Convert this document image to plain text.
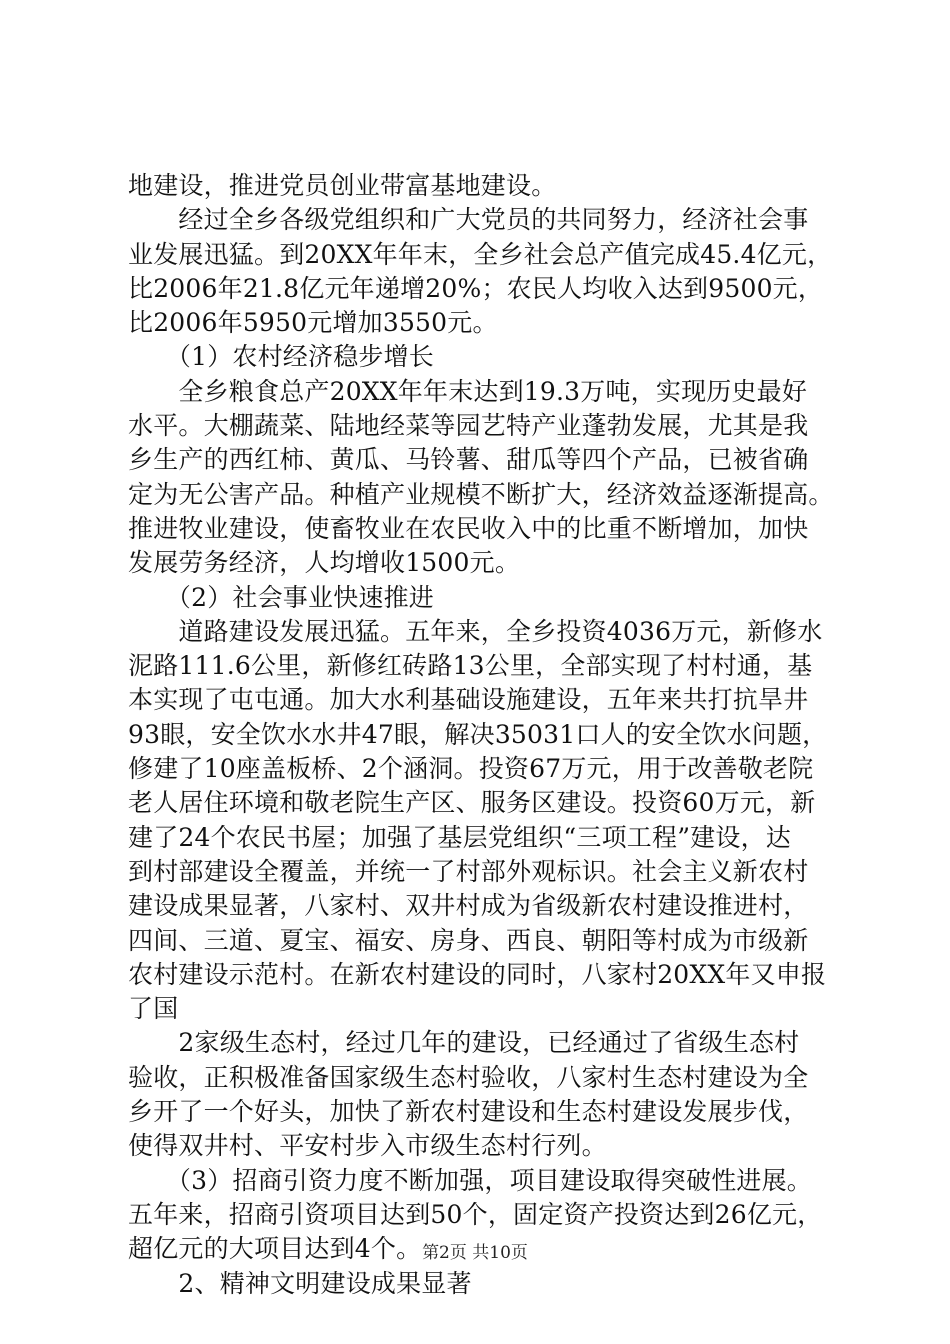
地建设，推进党员创业带富基地建设。
　　经过全乡各级党组织和广大党员的共同努力，经济社会事
业发展迅猛。到20XX年年末，全乡社会总产值完成45.4亿元，
比2006年21.8亿元年递增20%；农民人均收入达到9500元，
比2006年5950元增加3550元。
　　（1）农村经济稳步增长
　　全乡粮食总产20XX年年末达到19.3万吨，实现历史最好
水平。大棚蔬菜、陆地经菜等园艺特产业蓬勃发展，尤其是我
乡生产的西红柿、黄瓜、马铃薯、甜瓜等四个产品，已被省确
定为无公害产品。种植产业规模不断扩大，经济效益逐渐提高。
推进牧业建设，使畜牧业在农民收入中的比重不断增加，加快
发展劳务经济，人均增收1500元。
　　（2）社会事业快速推进
　　道路建设发展迅猛。五年来，全乡投资4036万元，新修水
泥路111.6公里，新修红砖路13公里，全部实现了村村通，基
本实现了屯屯通。加大水利基础设施建设，五年来共打抗旱井
93眼，安全饮水水井47眼，解决35031口人的安全饮水问题，
修建了10座盖板桥、2个涵洞。投资67万元，用于改善敬老院
老人居住环境和敬老院生产区、服务区建设。投资60万元，新
建了24个农民书屋；加强了基层党组织“三项工程”建设，达
到村部建设全覆盖，并统一了村部外观标识。社会主义新农村
建设成果显著，八家村、双井村成为省级新农村建设推进村，
四间、三道、夏宝、福安、房身、西良、朝阳等村成为市级新
农村建设示范村。在新农村建设的同时，八家村20XX年又申报
了国
　　2家级生态村，经过几年的建设，已经通过了省级生态村
验收，正积极准备国家级生态村验收，八家村生态村建设为全
乡开了一个好头，加快了新农村建设和生态村建设发展步伐，
使得双井村、平安村步入市级生态村行列。
　　（3）招商引资力度不断加强，项目建设取得突破性进展。
五年来，招商引资项目达到50个，固定资产投资达到26亿元，
超亿元的大项目达到4个。
　　2、精神文明建设成果显著
第2页 共10页
